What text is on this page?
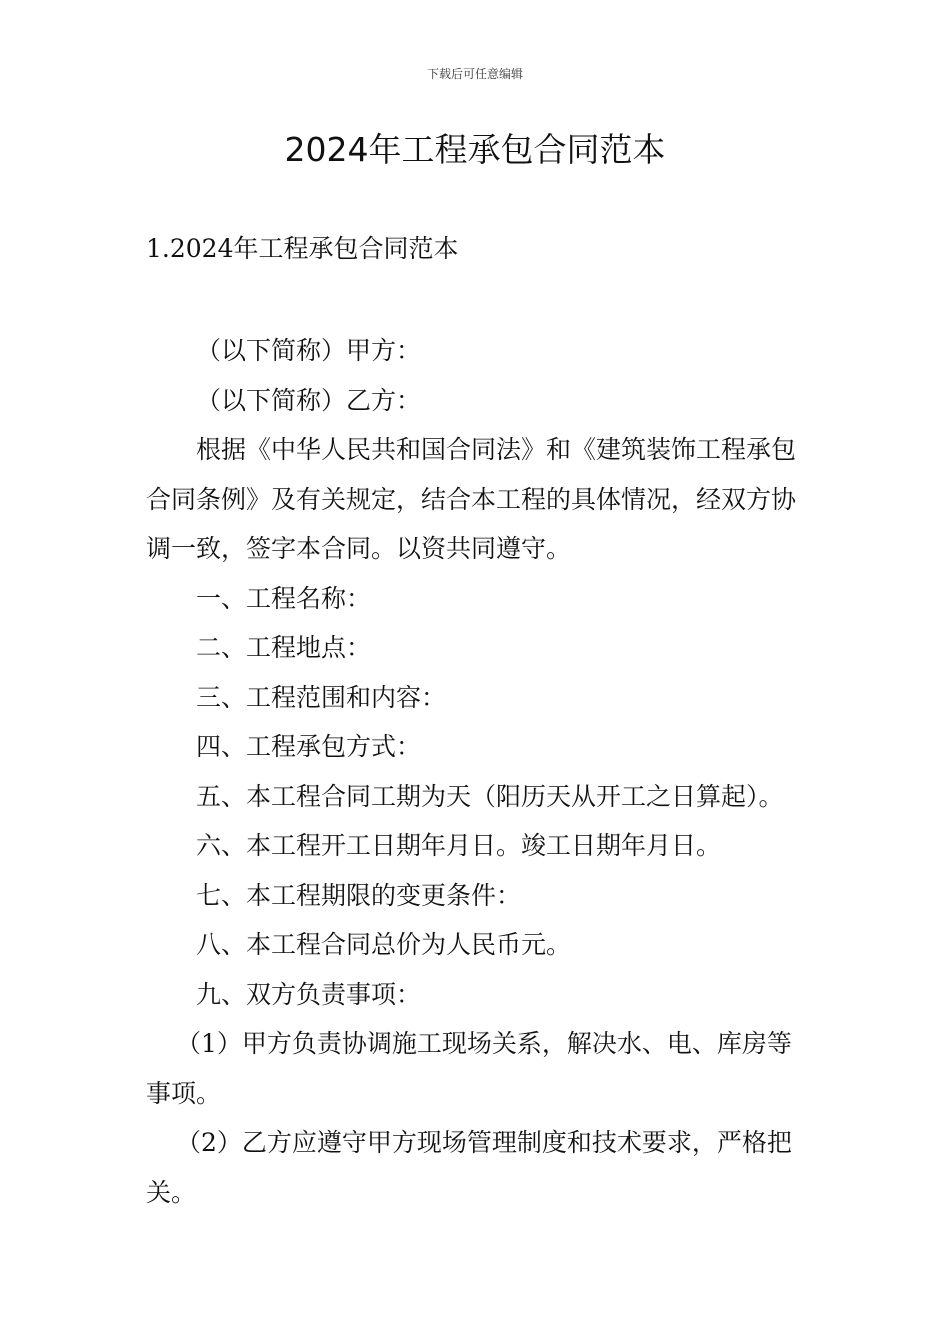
下载后可任意编辑
2024年工程承包合同范本
1.2024年工程承包合同范本

（以下简称）甲方：

（以下简称）乙方：

根据《中华人民共和国合同法》和《建筑装饰工程承包合同条例》及有关规定，结合本工程的具体情况，经双方协调一致，签字本合同。以资共同遵守。

一、工程名称：

二、工程地点：

三、工程范围和内容：

四、工程承包方式：

五、本工程合同工期为天（阳历天从开工之日算起）。

六、本工程开工日期年月日。竣工日期年月日。

七、本工程期限的变更条件：

八、本工程合同总价为人民币元。

九、双方负责事项：

（1）甲方负责协调施工现场关系，解决水、电、库房等事项。

（2）乙方应遵守甲方现场管理制度和技术要求，严格把关。
